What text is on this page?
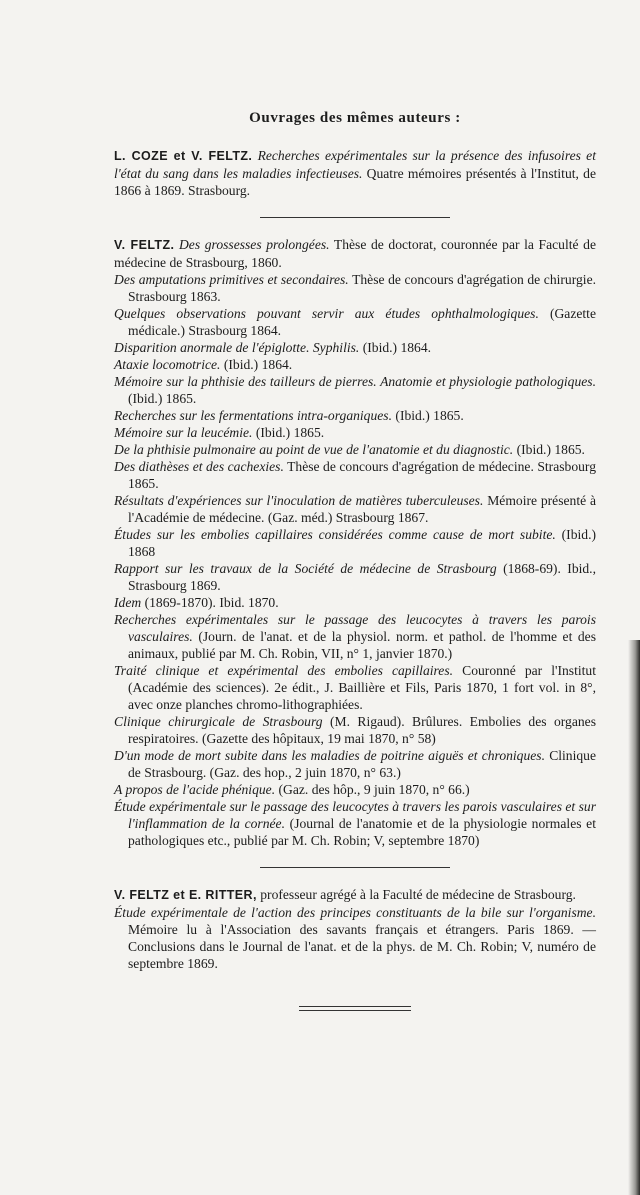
Ouvrages des mêmes auteurs :

L. COZE et V. FELTZ. Recherches expérimentales sur la présence des infusoires et l'état du sang dans les maladies infectieuses. Quatre mémoires présentés à l'Institut, de 1866 à 1869. Strasbourg.

V. FELTZ. Des grossesses prolongées. Thèse de doctorat, couronnée par la Faculté de médecine de Strasbourg, 1860.

Des amputations primitives et secondaires. Thèse de concours d'agrégation de chirurgie. Strasbourg 1863.

Quelques observations pouvant servir aux études ophthalmologiques. (Gazette médicale.) Strasbourg 1864.

Disparition anormale de l'épiglotte. Syphilis. (Ibid.) 1864.

Ataxie locomotrice. (Ibid.) 1864.

Mémoire sur la phthisie des tailleurs de pierres. Anatomie et physiologie pathologiques. (Ibid.) 1865.

Recherches sur les fermentations intra-organiques. (Ibid.) 1865.

Mémoire sur la leucémie. (Ibid.) 1865.

De la phthisie pulmonaire au point de vue de l'anatomie et du diagnostic. (Ibid.) 1865.

Des diathèses et des cachexies. Thèse de concours d'agrégation de médecine. Strasbourg 1865.

Résultats d'expériences sur l'inoculation de matières tuberculeuses. Mémoire présenté à l'Académie de médecine. (Gaz. méd.) Strasbourg 1867.

Études sur les embolies capillaires considérées comme cause de mort subite. (Ibid.) 1868

Rapport sur les travaux de la Société de médecine de Strasbourg (1868-69). Ibid., Strasbourg 1869.

Idem (1869-1870). Ibid. 1870.

Recherches expérimentales sur le passage des leucocytes à travers les parois vasculaires. (Journ. de l'anat. et de la physiol. norm. et pathol. de l'homme et des animaux, publié par M. Ch. Robin, VII, n° 1, janvier 1870.)

Traité clinique et expérimental des embolies capillaires. Couronné par l'Institut (Académie des sciences). 2e édit., J. Baillière et Fils, Paris 1870, 1 fort vol. in 8°, avec onze planches chromo-lithographiées.

Clinique chirurgicale de Strasbourg (M. Rigaud). Brûlures. Embolies des organes respiratoires. (Gazette des hôpitaux, 19 mai 1870, n° 58)

D'un mode de mort subite dans les maladies de poitrine aiguës et chroniques. Clinique de Strasbourg. (Gaz. des hop., 2 juin 1870, n° 63.)

A propos de l'acide phénique. (Gaz. des hôp., 9 juin 1870, n° 66.)

Étude expérimentale sur le passage des leucocytes à travers les parois vasculaires et sur l'inflammation de la cornée. (Journal de l'anatomie et de la physiologie normales et pathologiques etc., publié par M. Ch. Robin; V, septembre 1870)

V. FELTZ et E. RITTER, professeur agrégé à la Faculté de médecine de Strasbourg.

Étude expérimentale de l'action des principes constituants de la bile sur l'organisme. Mémoire lu à l'Association des savants français et étrangers. Paris 1869. — Conclusions dans le Journal de l'anat. et de la phys. de M. Ch. Robin; V, numéro de septembre 1869.
